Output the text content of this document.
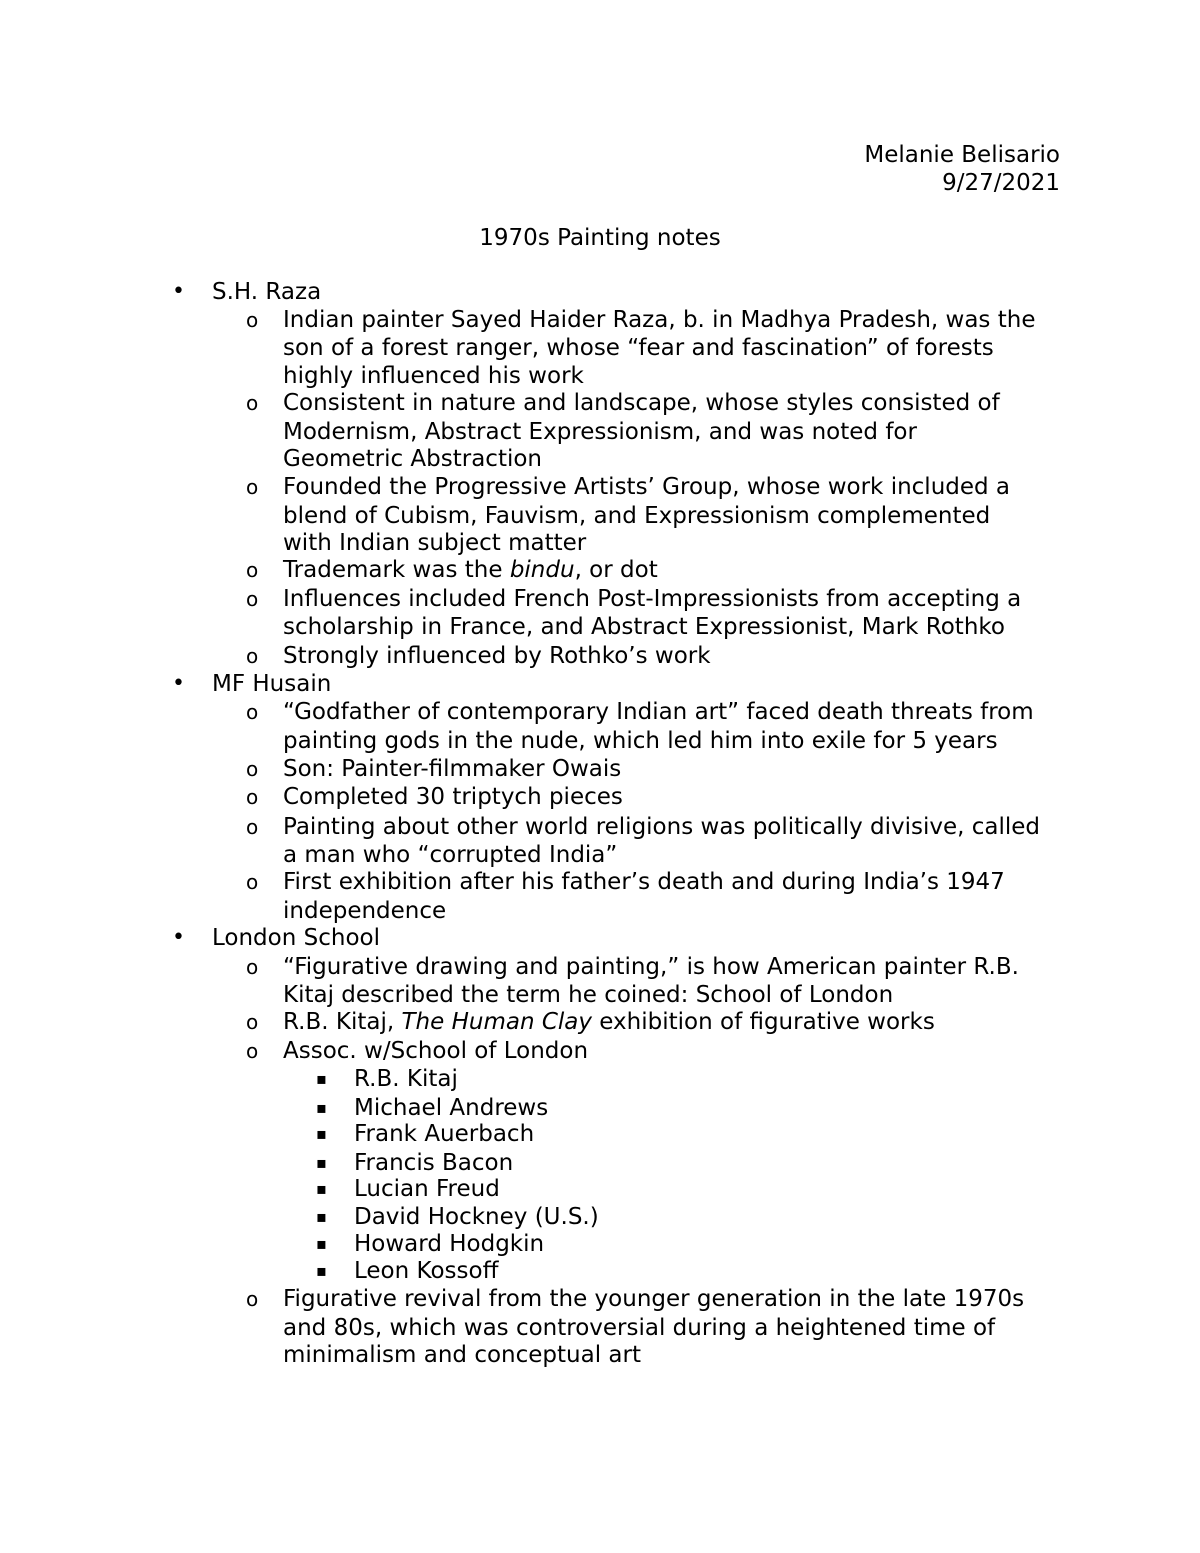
Melanie Belisario
9/27/2021
1970s Painting notes
• S.H. Raza
o Indian painter Sayed Haider Raza, b. in Madhya Pradesh, was the
son of a forest ranger, whose “fear and fascination” of forests
highly influenced his work
o Consistent in nature and landscape, whose styles consisted of
Modernism, Abstract Expressionism, and was noted for
Geometric Abstraction
o Founded the Progressive Artists’ Group, whose work included a
blend of Cubism, Fauvism, and Expressionism complemented
with Indian subject matter
o Trademark was the bindu, or dot
o Influences included French Post-Impressionists from accepting a
scholarship in France, and Abstract Expressionist, Mark Rothko
o Strongly influenced by Rothko’s work
• MF Husain
o “Godfather of contemporary Indian art” faced death threats from
painting gods in the nude, which led him into exile for 5 years
o Son: Painter-filmmaker Owais
o Completed 30 triptych pieces
o Painting about other world religions was politically divisive, called
a man who “corrupted India”
o First exhibition after his father’s death and during India’s 1947
independence
• London School
o “Figurative drawing and painting,” is how American painter R.B.
Kitaj described the term he coined: School of London
o R.B. Kitaj, The Human Clay exhibition of figurative works
o Assoc. w/School of London
▪ R.B. Kitaj
▪ Michael Andrews
▪ Frank Auerbach
▪ Francis Bacon
▪ Lucian Freud
▪ David Hockney (U.S.)
▪ Howard Hodgkin
▪ Leon Kossoff
o Figurative revival from the younger generation in the late 1970s
and 80s, which was controversial during a heightened time of
minimalism and conceptual art
